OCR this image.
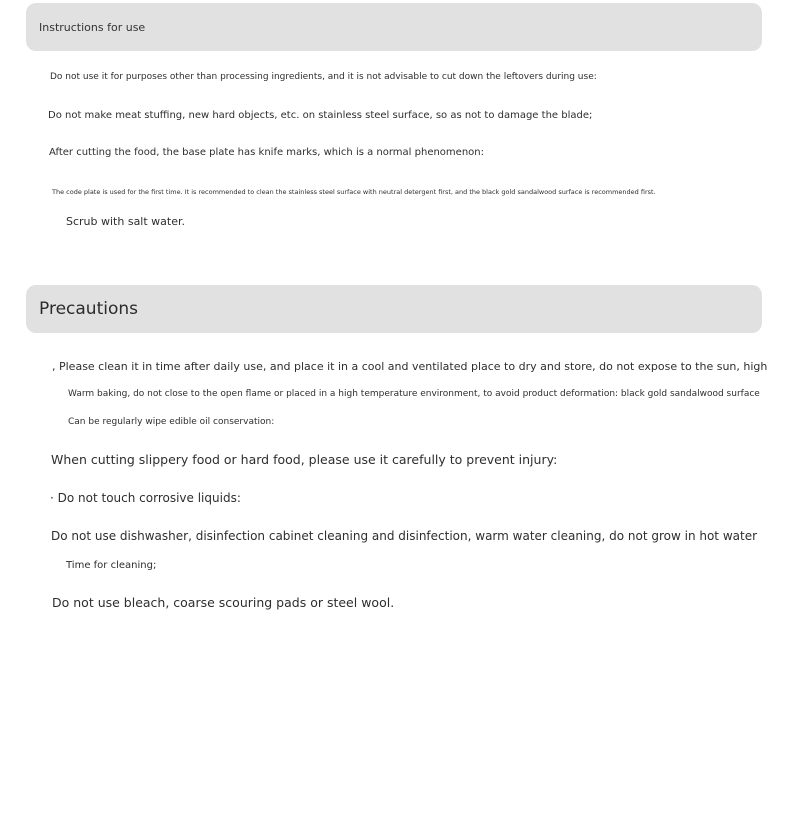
Instructions for use
Do not use it for purposes other than processing ingredients, and it is not advisable to cut down the leftovers during use:
Do not make meat stuffing, new hard objects, etc. on stainless steel surface, so as not to damage the blade;
After cutting the food, the base plate has knife marks, which is a normal phenomenon:
The code plate is used for the first time. It is recommended to clean the stainless steel surface with neutral detergent first, and the black gold sandalwood surface is recommended first.
Scrub with salt water.
Precautions
, Please clean it in time after daily use, and place it in a cool and ventilated place to dry and store, do not expose to the sun, high
Warm baking, do not close to the open flame or placed in a high temperature environment, to avoid product deformation: black gold sandalwood surface
Can be regularly wipe edible oil conservation:
When cutting slippery food or hard food, please use it carefully to prevent injury:
· Do not touch corrosive liquids:
Do not use dishwasher, disinfection cabinet cleaning and disinfection, warm water cleaning, do not grow in hot water
Time for cleaning;
Do not use bleach, coarse scouring pads or steel wool.
